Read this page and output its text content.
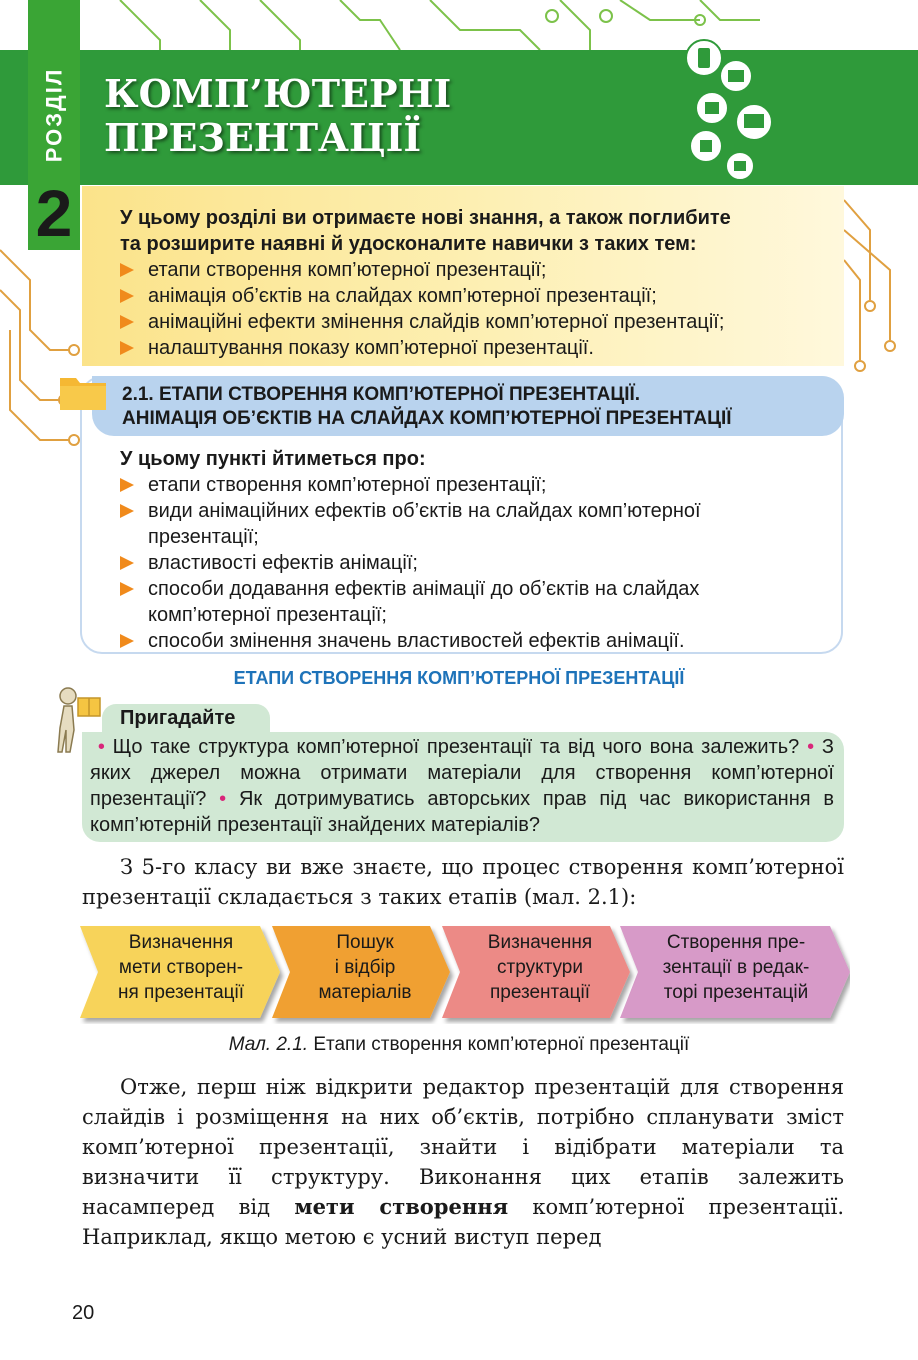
РОЗДІЛ КОМП’ЮТЕРНІ
ПРЕЗЕНТАЦІЇ
2	У цьому розділі ви отримаєте нові знання, а також поглибите
та розширите наявні й удосконалите навички з таких тем:
етапи створення комп’ютерної презентації;
анімація об’єктів на слайдах комп’ютерної презентації;
анімаційні ефекти змінення слайдів комп’ютерної презентації;
налаштування показу комп’ютерної презентації.
2.1. ЕТАПИ СТВОРЕННЯ КОМП’ЮТЕРНОЇ ПРЕЗЕНТАЦІЇ.
АНІМАЦІЯ ОБ’ЄКТІВ НА СЛАЙДАХ КОМП’ЮТЕРНОЇ ПРЕЗЕНТАЦІЇ
У цьому пункті йтиметься про:
етапи створення комп’ютерної презентації;
види анімаційних ефектів об’єктів на слайдах комп’ютерної презентації;
властивості ефектів анімації;
способи додавання ефектів анімації до об’єктів на слайдах комп’ютерної презентації;
способи змінення значень властивостей ефектів анімації.
ЕТАПИ СТВОРЕННЯ КОМП’ЮТЕРНОЇ ПРЕЗЕНТАЦІЇ
Пригадайте
• Що таке структура комп’ютерної презентації та від чого вона залежить? • З яких джерел можна отримати матеріали для створення комп’ютерної презентації? • Як дотримуватись авторських прав під час використання в комп’ютерній презентації знайдених матеріалів?
З 5-го класу ви вже знаєте, що процес створення комп’ютерної презентації складається з таких етапів (мал. 2.1):
Визначення
мети створен-
ня презентації
Пошук
і відбір
матеріалів
Визначення
структури
презентації
Створення пре-
зентації в редак-
торі презентацій
Мал. 2.1. Етапи створення комп’ютерної презентації
Отже, перш ніж відкрити редактор презентацій для створення слайдів і розміщення на них об’єктів, потрібно спланувати зміст комп’ютерної презентації, знайти і відібрати матеріали та визначити її структуру. Виконання цих етапів залежить насамперед від мети створення комп’ютерної презентації. Наприклад, якщо метою є усний виступ перед
20
